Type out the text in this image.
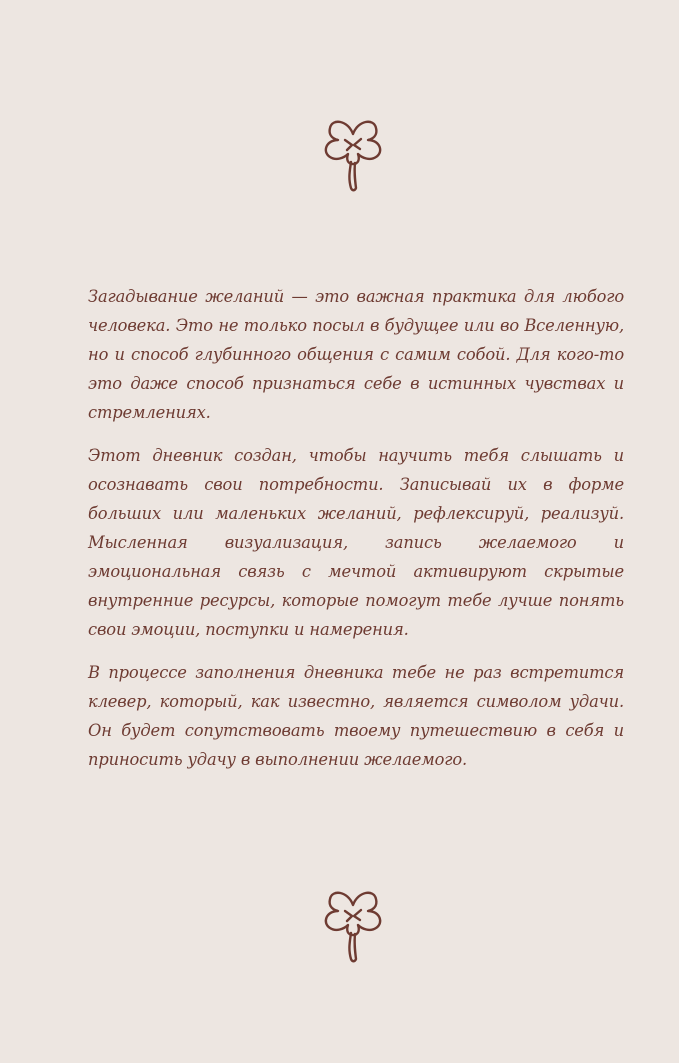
Загадывание желаний — это важная практика для любого человека. Это не только посыл в будущее или во Вселенную, но и способ глубинного общения с самим собой. Для кого-то это даже способ признаться себе в истинных чувствах и стремлениях.

Этот дневник создан, чтобы научить тебя слышать и осознавать свои потребности. Записывай их в форме больших или маленьких желаний, рефлексируй, реализуй. Мысленная визуализация, запись желаемого и эмоциональная связь с мечтой активируют скрытые внутренние ресурсы, которые помогут тебе лучше понять свои эмоции, поступки и намерения.

В процессе заполнения дневника тебе не раз встретится клевер, который, как известно, является символом удачи. Он будет сопутствовать твоему путешествию в себя и приносить удачу в выполнении желаемого.
